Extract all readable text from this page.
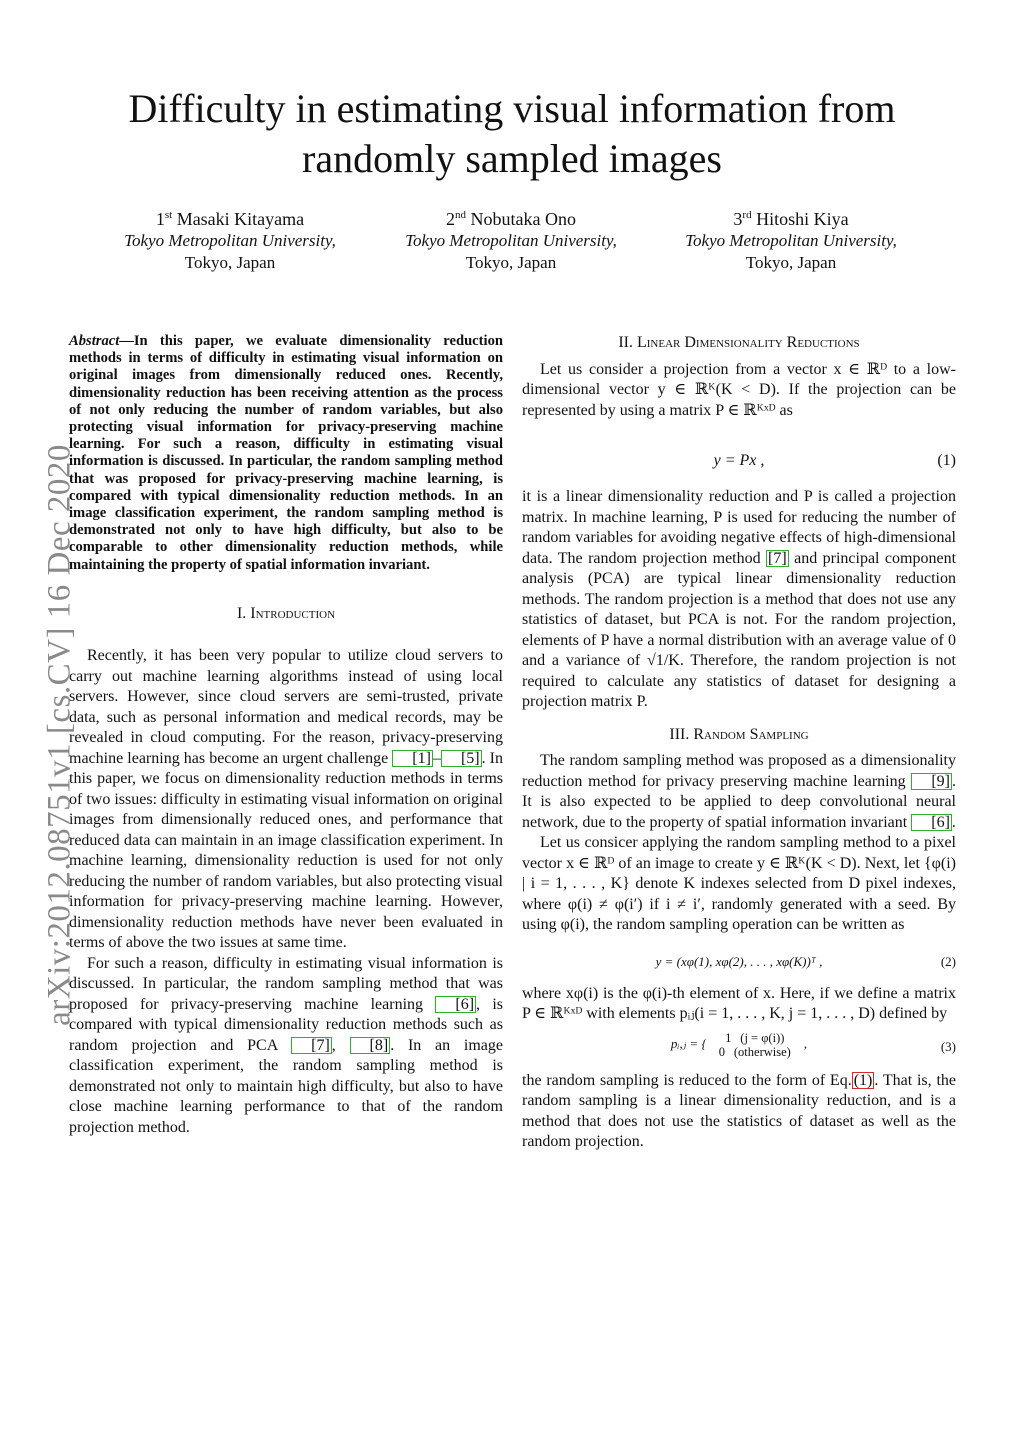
Difficulty in estimating visual information from
randomly sampled images
1st Masaki Kitayama
Tokyo Metropolitan University,
Tokyo, Japan
2nd Nobutaka Ono
Tokyo Metropolitan University,
Tokyo, Japan
3rd Hitoshi Kiya
Tokyo Metropolitan University,
Tokyo, Japan
arXiv:2012.08751v1 [cs.CV] 16 Dec 2020
Abstract—In this paper, we evaluate dimensionality reduction methods in terms of difficulty in estimating visual information on original images from dimensionally reduced ones. Recently, dimensionality reduction has been receiving attention as the process of not only reducing the number of random variables, but also protecting visual information for privacy-preserving machine learning. For such a reason, difficulty in estimating visual information is discussed. In particular, the random sampling method that was proposed for privacy-preserving machine learning, is compared with typical dimensionality reduction methods. In an image classification experiment, the random sampling method is demonstrated not only to have high difficulty, but also to be comparable to other dimensionality reduction methods, while maintaining the property of spatial information invariant.
I. Introduction

Recently, it has been very popular to utilize cloud servers to carry out machine learning algorithms instead of using local servers. However, since cloud servers are semi-trusted, private data, such as personal information and medical records, may be revealed in cloud computing. For the reason, privacy-preserving machine learning has become an urgent challenge [1] – [5] . In this paper, we focus on dimensionality reduction methods in terms of two issues: difficulty in estimating visual information on original images from dimensionally reduced ones, and performance that reduced data can maintain in an image classification experiment. In machine learning, dimensionality reduction is used for not only reducing the number of random variables, but also protecting visual information for privacy-preserving machine learning. However, dimensionality reduction methods have never been evaluated in terms of above the two issues at same time.

For such a reason, difficulty in estimating visual information is discussed. In particular, the random sampling method that was proposed for privacy-preserving machine learning [6] , is compared with typical dimensionality reduction methods such as random projection and PCA [7] , [8] . In an image classification experiment, the random sampling method is demonstrated not only to maintain high difficulty, but also to have close machine learning performance to that of the random projection method.

II. Linear Dimensionality Reductions

Let us consider a projection from a vector x ∈ ℝᴰ to a low-dimensional vector y ∈ ℝᴷ(K < D). If the projection can be represented by using a matrix P ∈ ℝᴷˣᴰ as

y = Px ,	(1)

it is a linear dimensionality reduction and P is called a projection matrix. In machine learning, P is used for reducing the number of random variables for avoiding negative effects of high-dimensional data. The random projection method [7] and principal component analysis (PCA) are typical linear dimensionality reduction methods. The random projection is a method that does not use any statistics of dataset, but PCA is not. For the random projection, elements of P have a normal distribution with an average value of 0 and a variance of √1/K. Therefore, the random projection is not required to calculate any statistics of dataset for designing a projection matrix P.

III. Random Sampling

The random sampling method was proposed as a dimensionality reduction method for privacy preserving machine learning [9] . It is also expected to be applied to deep convolutional neural network, due to the property of spatial information invariant [6] .

Let us consicer applying the random sampling method to a pixel vector x ∈ ℝᴰ of an image to create y ∈ ℝᴷ(K < D). Next, let {φ(i) | i = 1, . . . , K} denote K indexes selected from D pixel indexes, where φ(i) ≠ φ(i′) if i ≠ i′, randomly generated with a seed. By using φ(i), the random sampling operation can be written as

y = (xφ(1), xφ(2), . . . , xφ(K))ᵀ ,	(2)

where xφ(i) is the φ(i)-th element of x. Here, if we define a matrix P ∈ ℝᴷˣᴰ with elements pᵢⱼ(i = 1, . . . , K, j = 1, . . . , D) defined by

pᵢ,ⱼ = {	1 (j = φ(i))
0 (otherwise)
,	(3)

the random sampling is reduced to the form of Eq. (1) . That is, the random sampling is a linear dimensionality reduction, and is a method that does not use the statistics of dataset as well as the random projection.
